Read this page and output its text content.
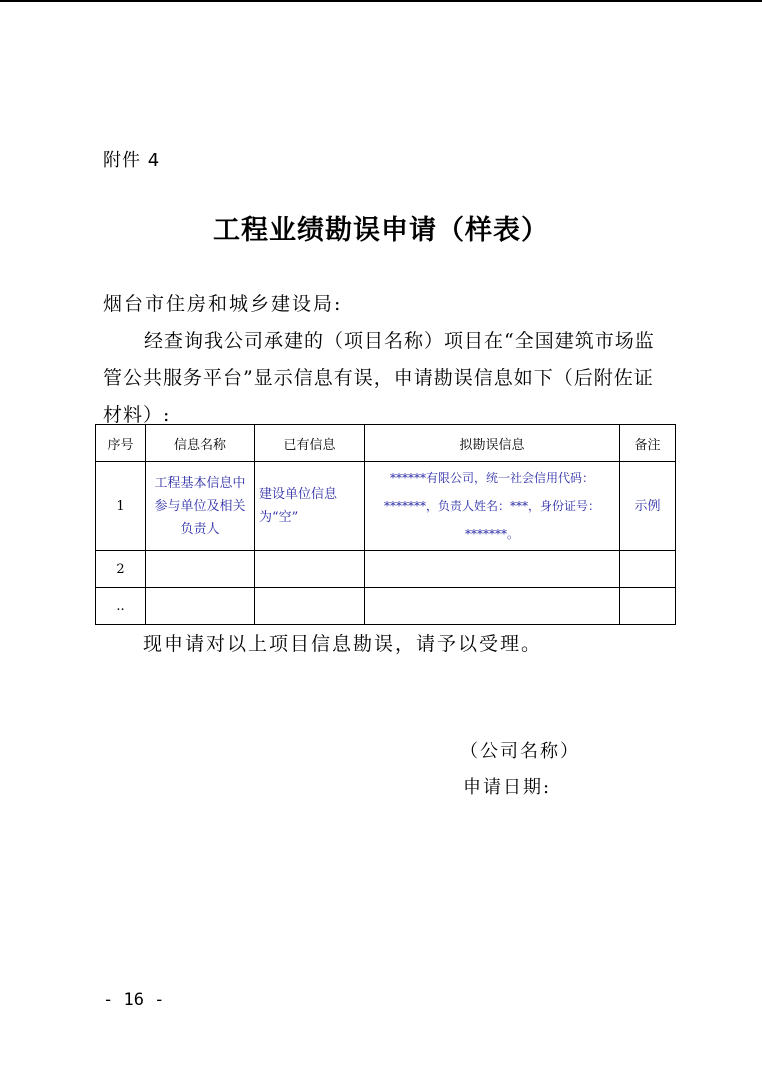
附件 4
工程业绩勘误申请（样表）
烟台市住房和城乡建设局:
经查询我公司承建的（项目名称）项目在“全国建筑市场监管公共服务平台”显示信息有误，申请勘误信息如下（后附佐证材料）:
序号	信息名称	已有信息	拟勘误信息	备注
1	工程基本信息中参与单位及相关负责人	建设单位信息为“空”	******有限公司，统一社会信用代码：*******，负责人姓名：***，身份证号：*******。	示例
2				
..				
现申请对以上项目信息勘误，请予以受理。
（公司名称）
申请日期:
- 16 -
